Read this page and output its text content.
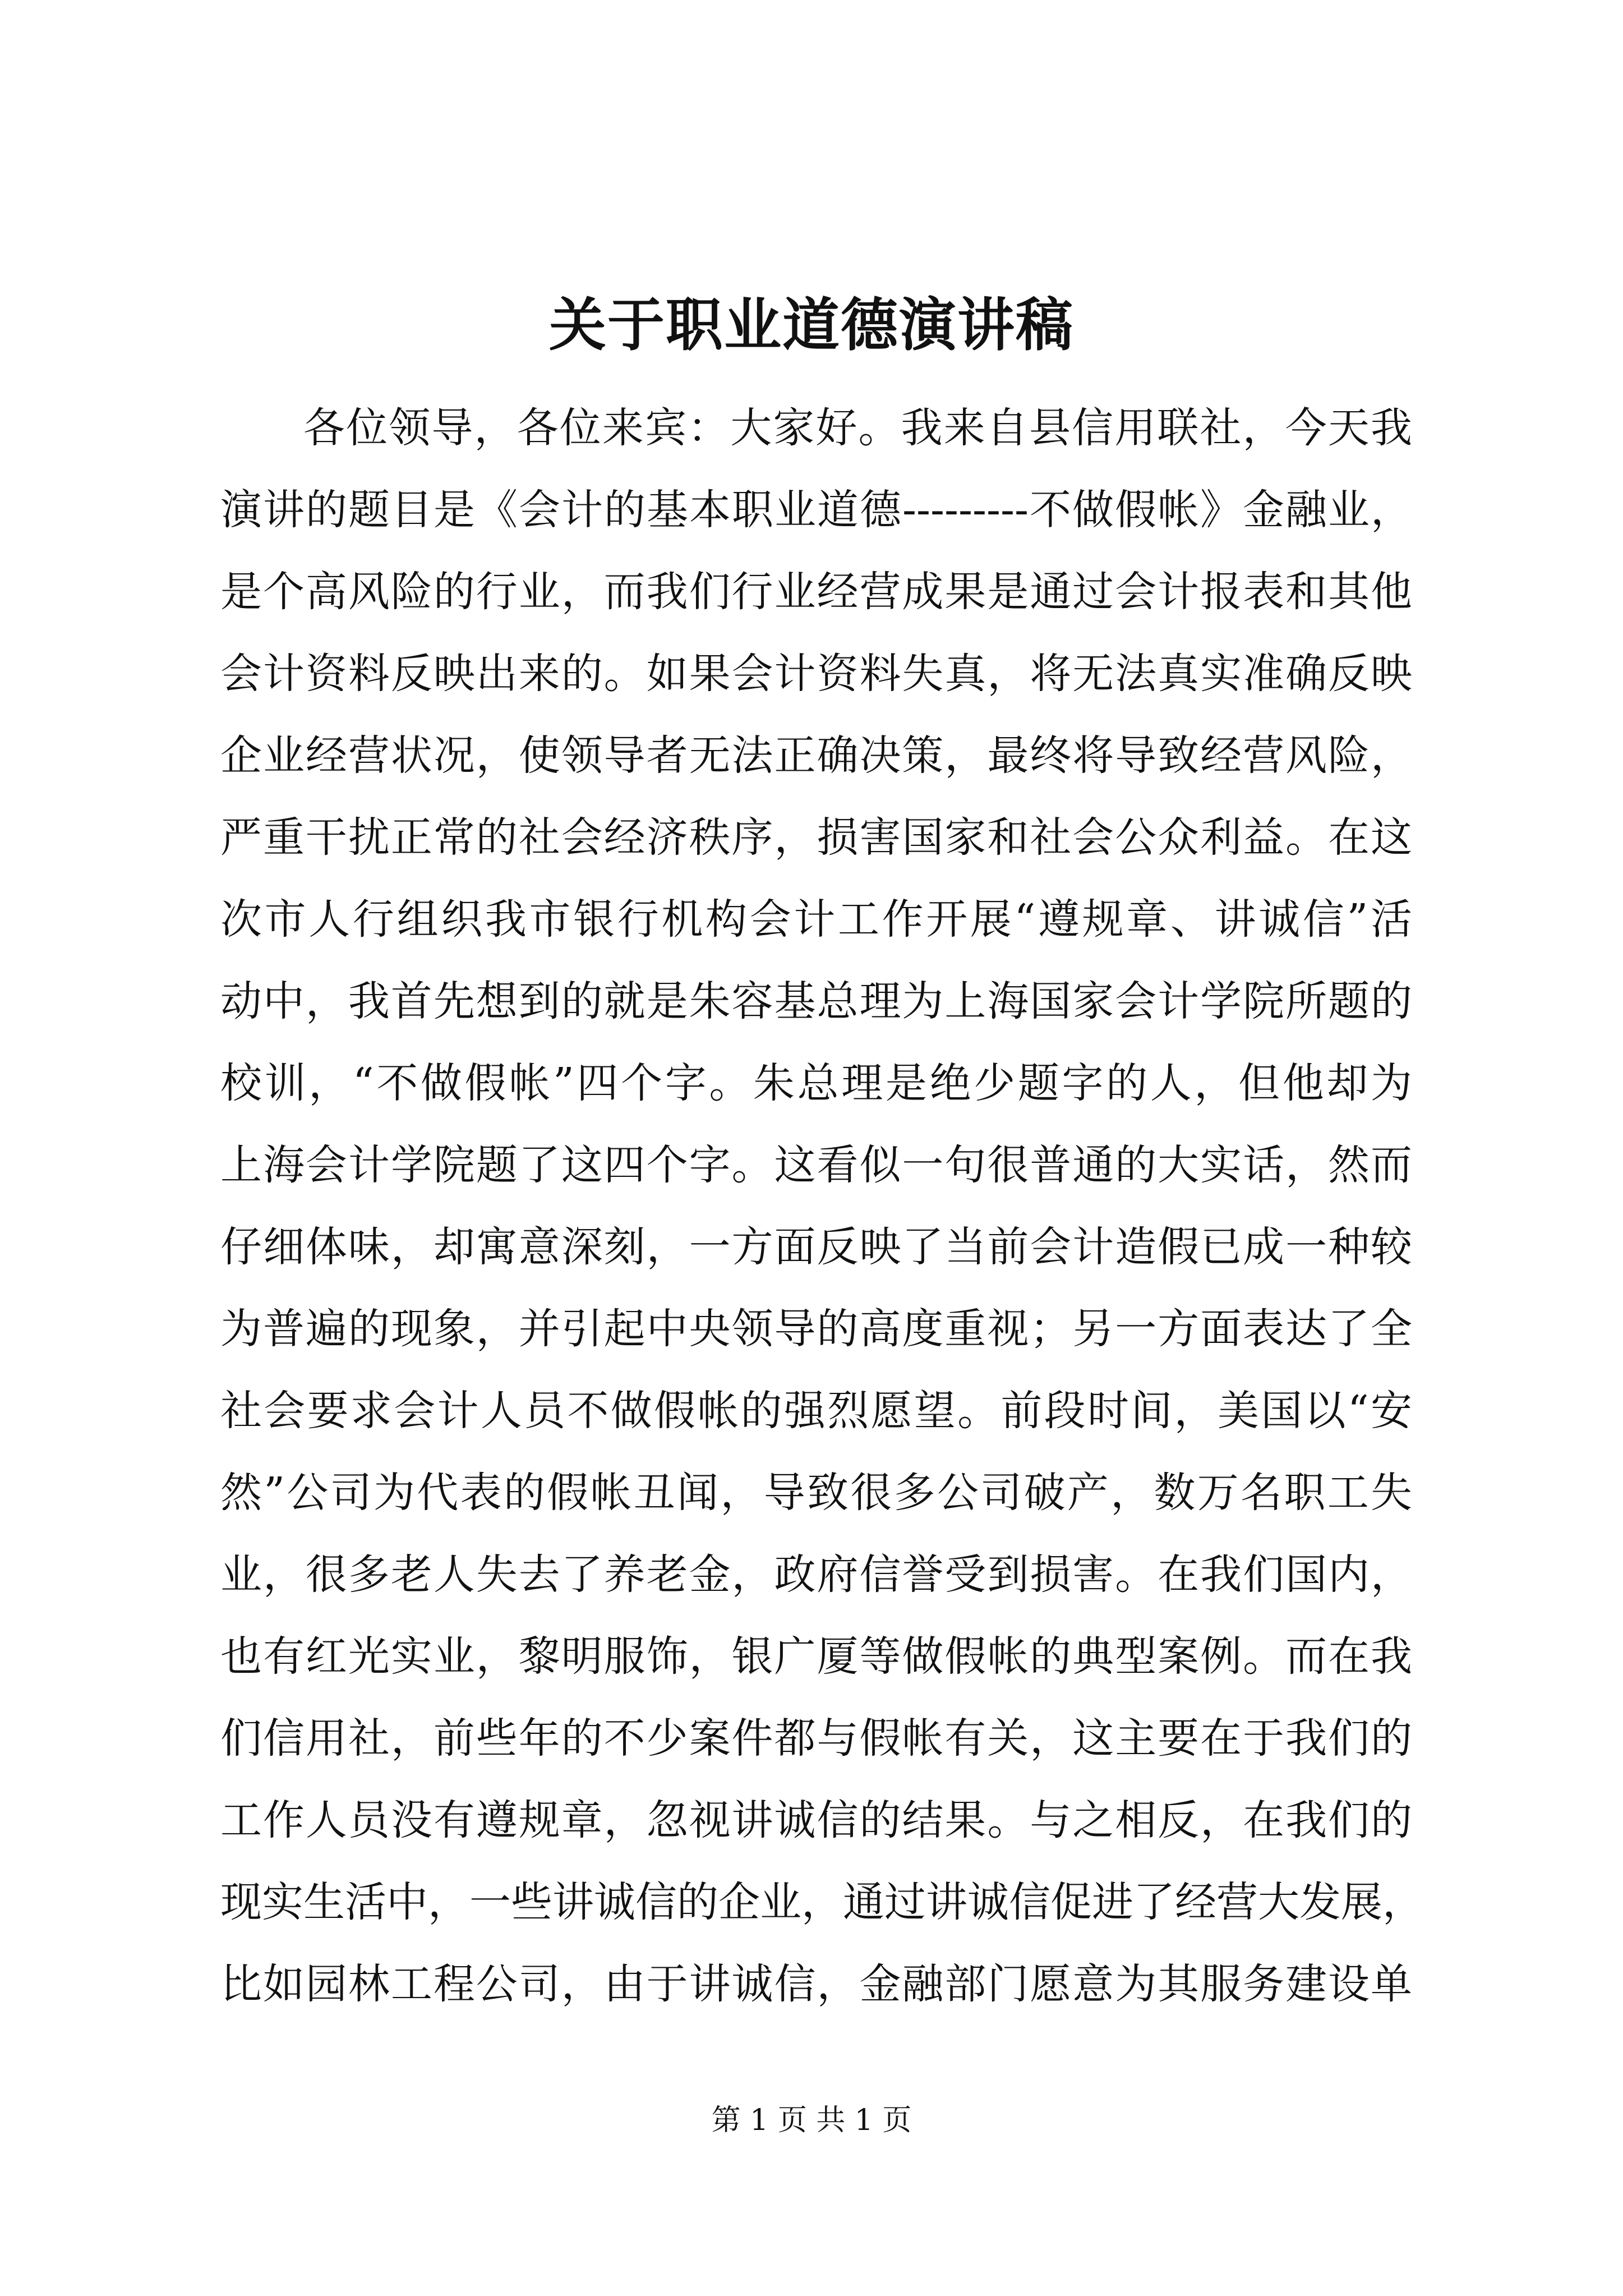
关于职业道德演讲稿
各位领导，各位来宾：大家好。我来自县信用联社，今天我
演讲的题目是《会计的基本职业道德---------不做假帐》金融业，
是个高风险的行业，而我们行业经营成果是通过会计报表和其他
会计资料反映出来的。如果会计资料失真，将无法真实准确反映
企业经营状况，使领导者无法正确决策，最终将导致经营风险，
严重干扰正常的社会经济秩序，损害国家和社会公众利益。在这
次市人行组织我市银行机构会计工作开展“遵规章、讲诚信”活
动中，我首先想到的就是朱容基总理为上海国家会计学院所题的
校训，“不做假帐”四个字。朱总理是绝少题字的人，但他却为
上海会计学院题了这四个字。这看似一句很普通的大实话，然而
仔细体味，却寓意深刻，一方面反映了当前会计造假已成一种较
为普遍的现象，并引起中央领导的高度重视；另一方面表达了全
社会要求会计人员不做假帐的强烈愿望。前段时间，美国以“安
然”公司为代表的假帐丑闻，导致很多公司破产，数万名职工失
业，很多老人失去了养老金，政府信誉受到损害。在我们国内，
也有红光实业，黎明服饰，银广厦等做假帐的典型案例。而在我
们信用社，前些年的不少案件都与假帐有关，这主要在于我们的
工作人员没有遵规章，忽视讲诚信的结果。与之相反，在我们的
现实生活中，一些讲诚信的企业，通过讲诚信促进了经营大发展，
比如园林工程公司，由于讲诚信，金融部门愿意为其服务建设单
第 1 页 共 1 页
